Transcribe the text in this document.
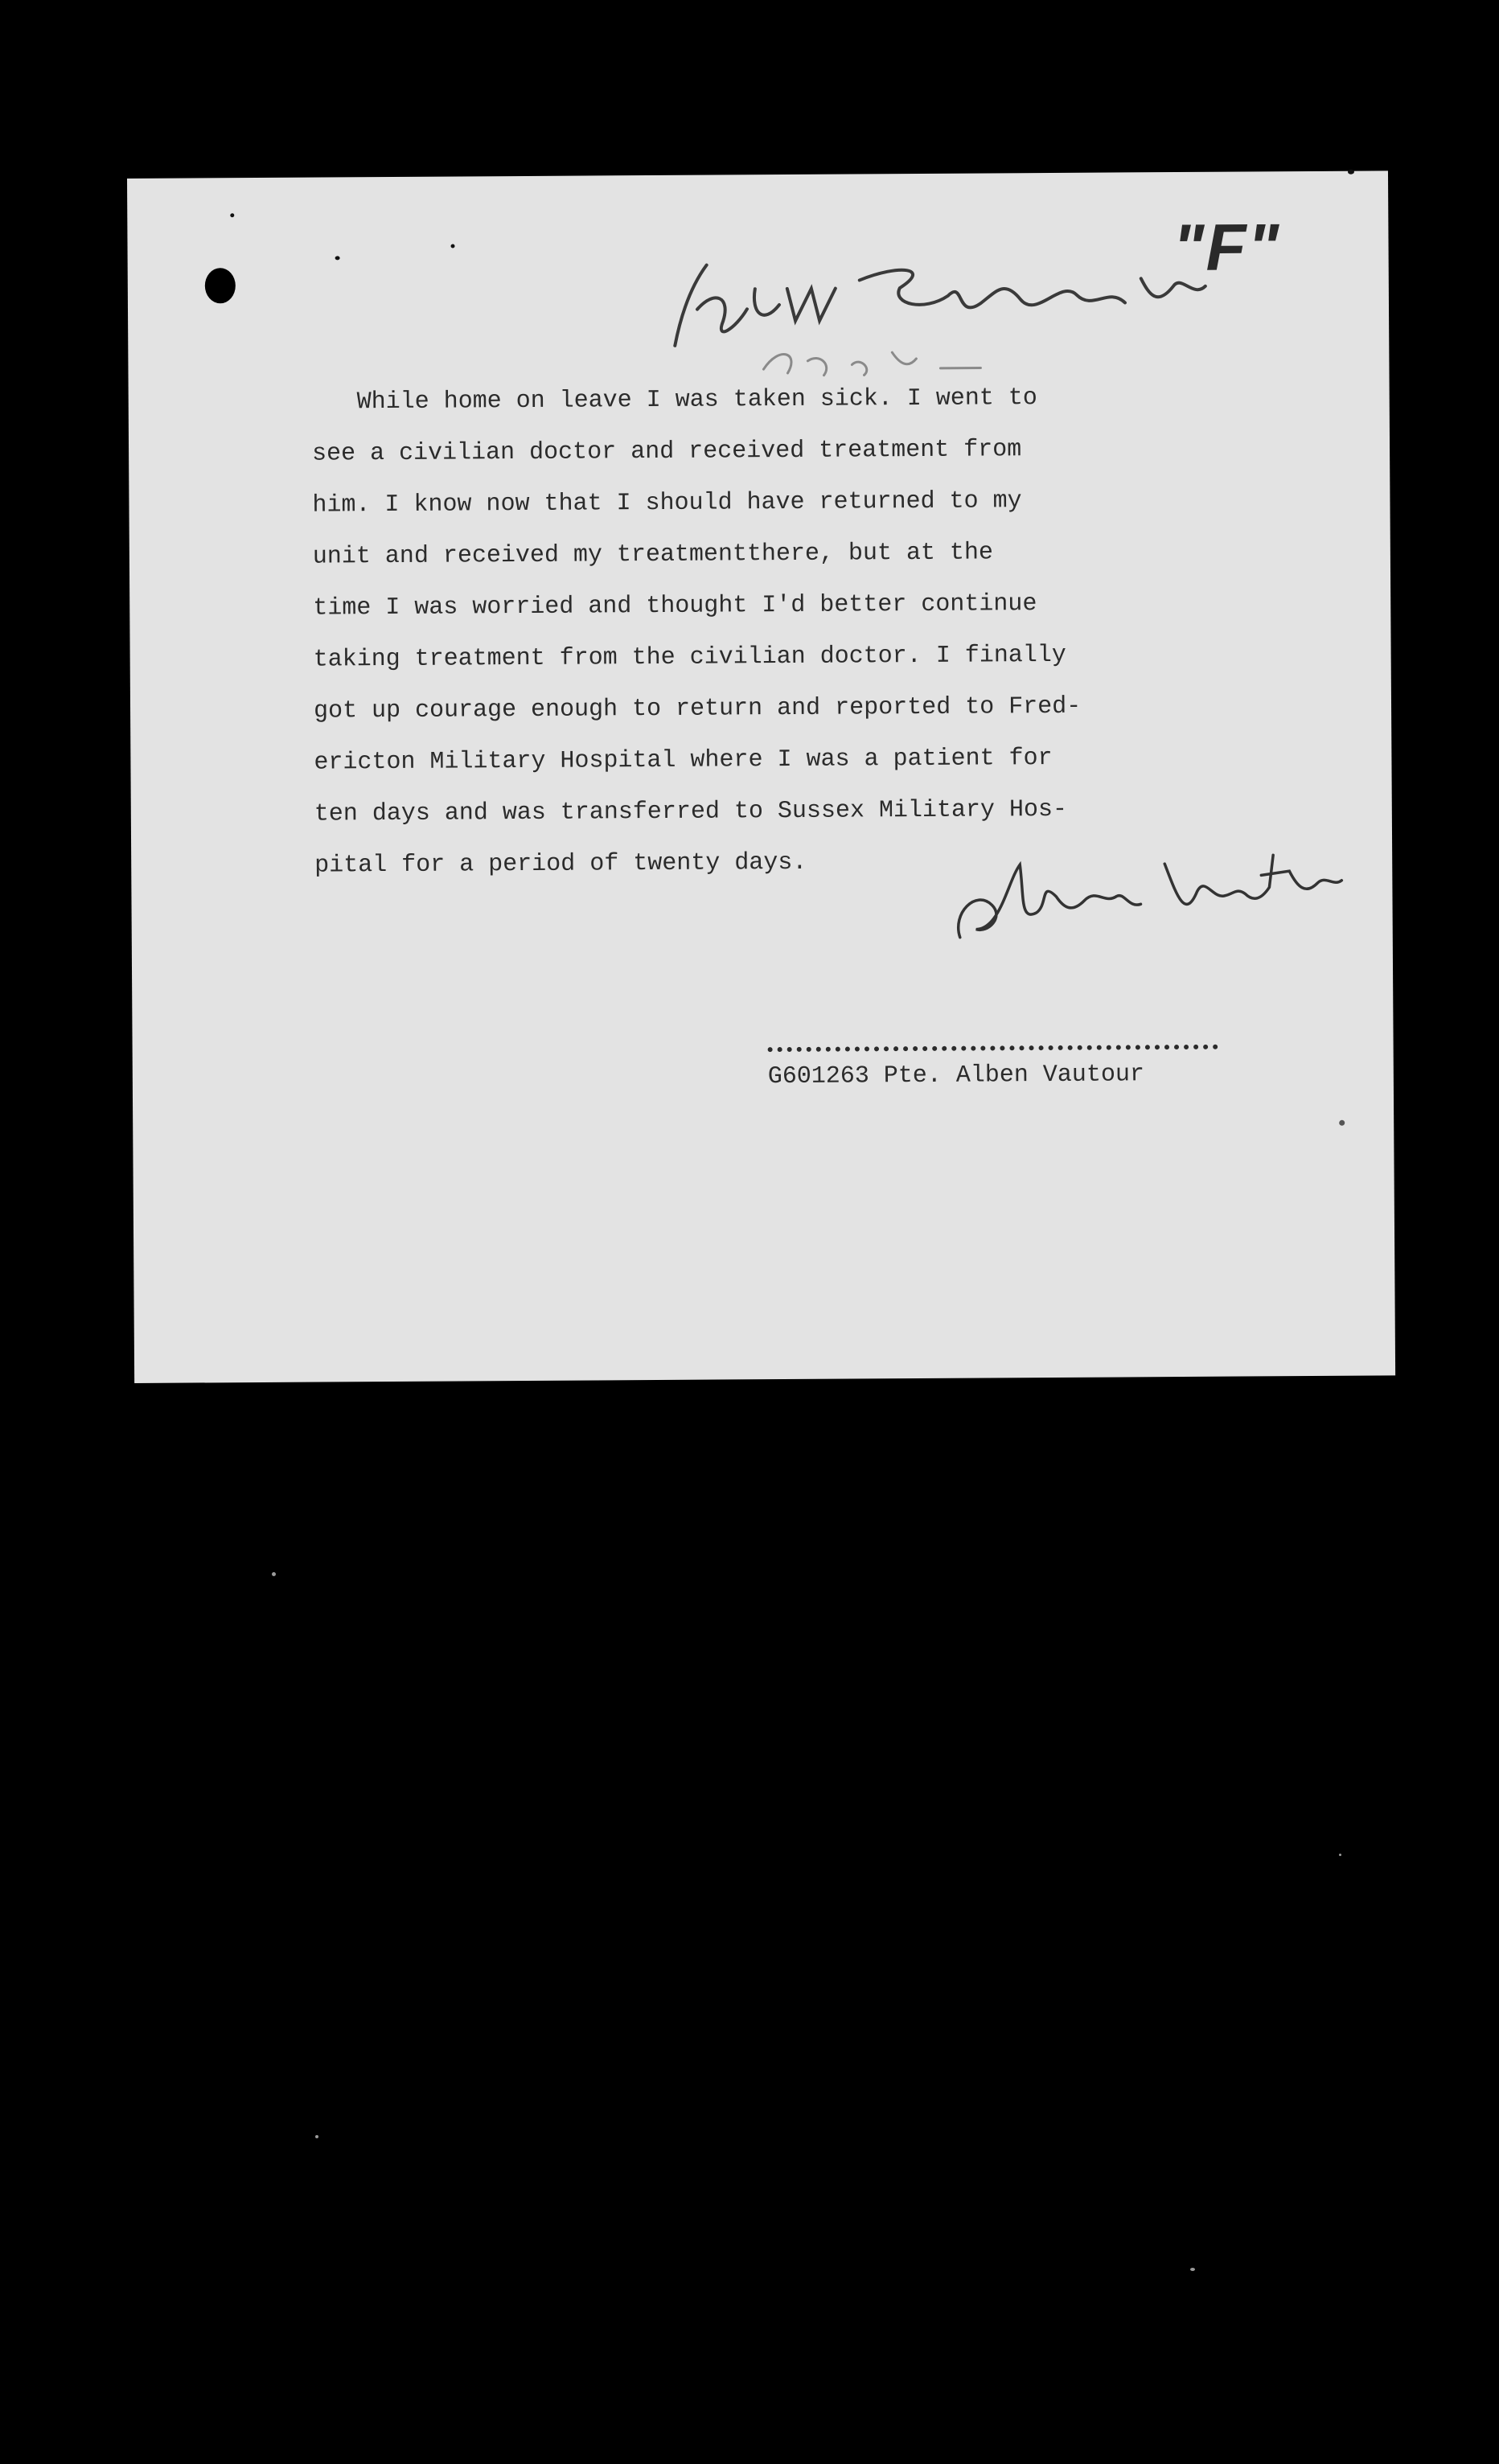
"F"
While home on leave I was taken sick. I went to
see a civilian doctor and received treatment from
him. I know now that I should have returned to my
unit and received my treatmentthere, but at the
time I was worried and thought I'd better continue
taking treatment from the civilian doctor. I finally
got up courage enough to return and reported to Fred-
ericton Military Hospital where I was a patient for
ten days and was transferred to Sussex Military Hos-
pital for a period of twenty days.
G601263 Pte. Alben Vautour
